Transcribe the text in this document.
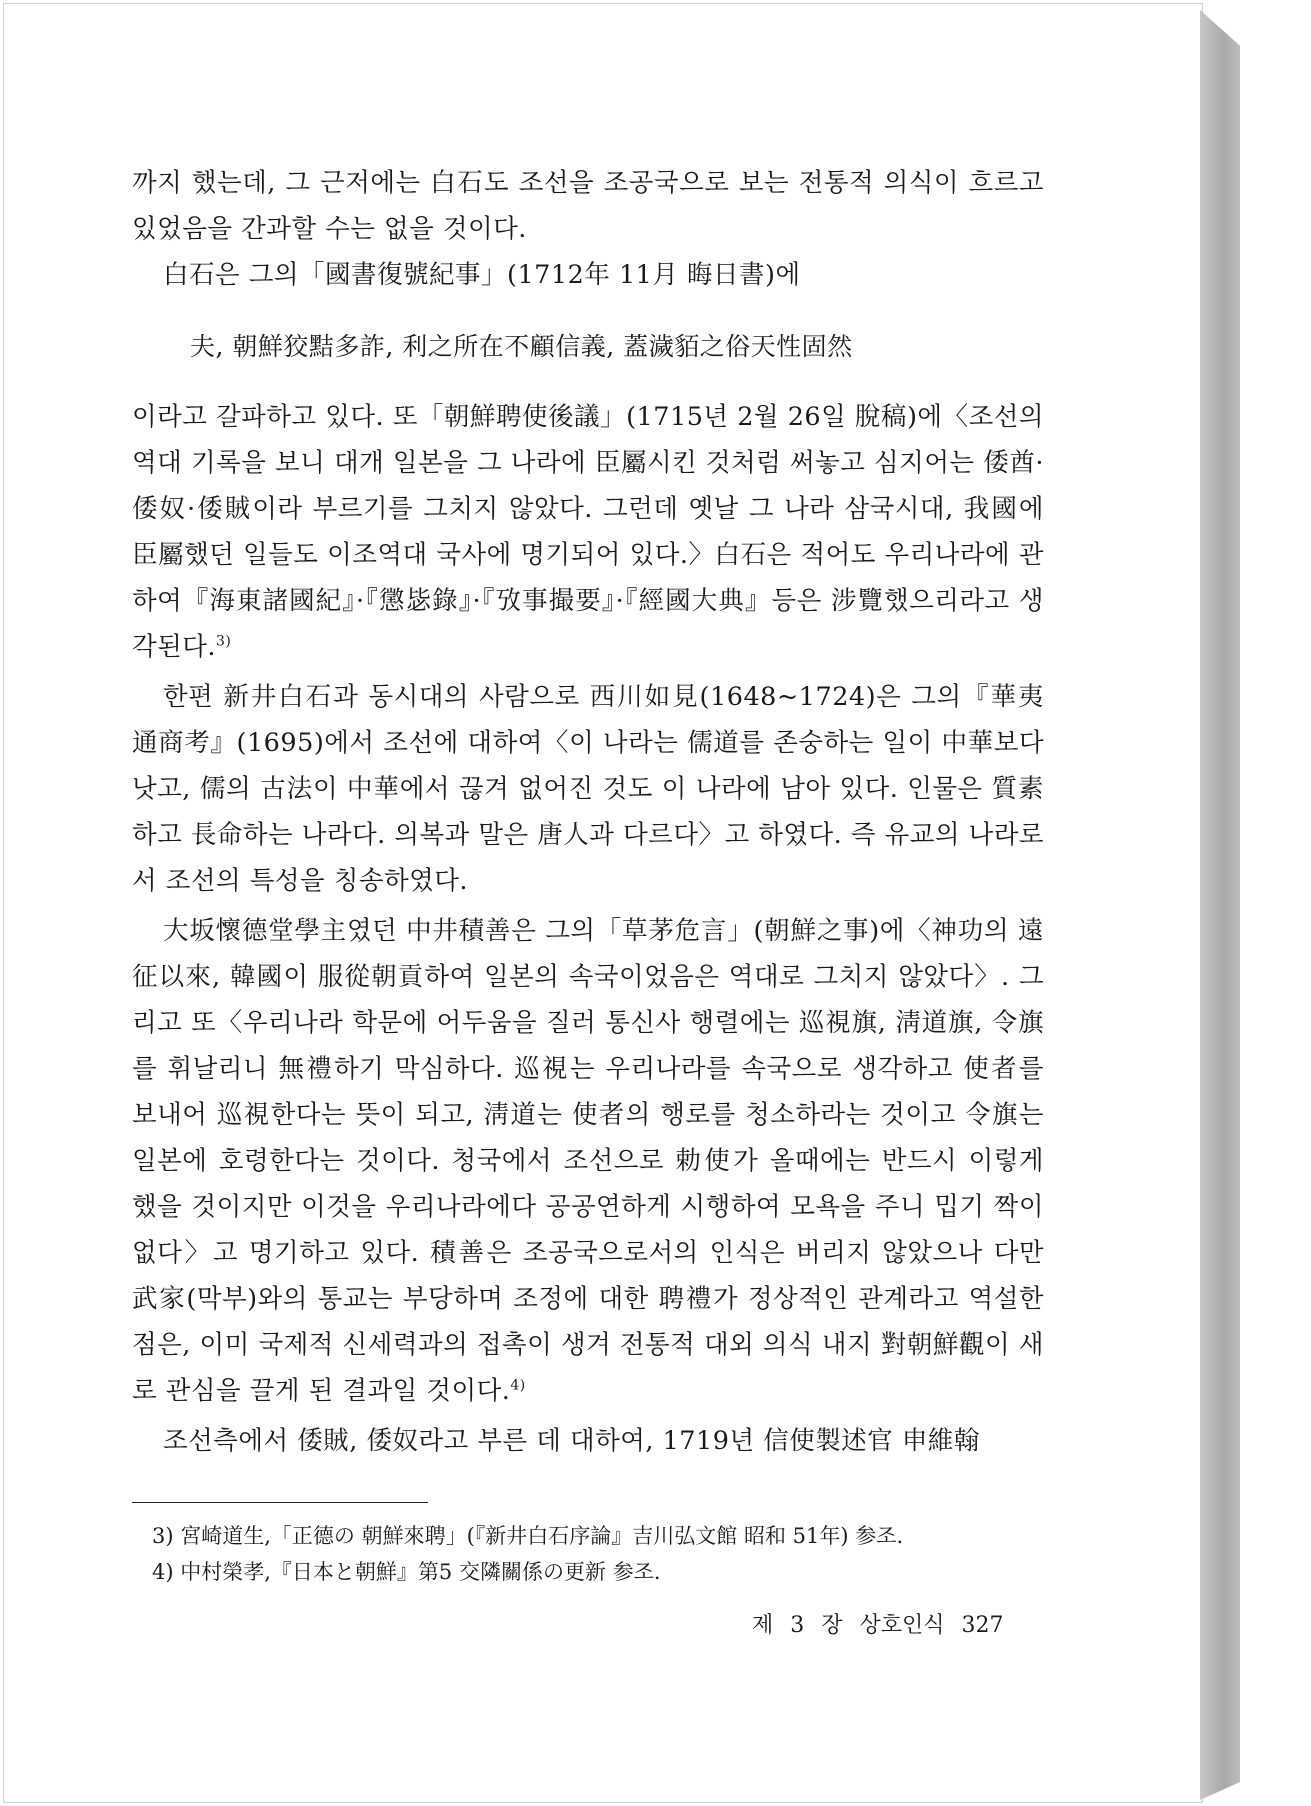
까지 했는데, 그 근저에는 白石도 조선을 조공국으로 보는 전통적 의식이 흐르고 있었음을 간과할 수는 없을 것이다.

白石은 그의「國書復號紀事」(1712年 11月 晦日書)에

夫, 朝鮮狡黠多詐, 利之所在不顧信義, 蓋濊貊之俗天性固然

이라고 갈파하고 있다. 또「朝鮮聘使後議」(1715년 2월 26일 脫稿)에〈조선의 역대 기록을 보니 대개 일본을 그 나라에 臣屬시킨 것처럼 써놓고 심지어는 倭酋·倭奴·倭賊이라 부르기를 그치지 않았다. 그런데 옛날 그 나라 삼국시대, 我國에 臣屬했던 일들도 이조역대 국사에 명기되어 있다.〉白石은 적어도 우리나라에 관하여『海東諸國紀』·『懲毖錄』·『攷事撮要』·『經國大典』등은 涉覽했으리라고 생각된다.$^{3)}$

한편 新井白石과 동시대의 사람으로 西川如見(1648~1724)은 그의『華夷通商考』(1695)에서 조선에 대하여〈이 나라는 儒道를 존숭하는 일이 中華보다 낫고, 儒의 古法이 中華에서 끊겨 없어진 것도 이 나라에 남아 있다. 인물은 質素하고 長命하는 나라다. 의복과 말은 唐人과 다르다〉고 하였다. 즉 유교의 나라로서 조선의 특성을 칭송하였다.

大坂懷德堂學主였던 中井積善은 그의「草茅危言」(朝鮮之事)에〈神功의 遠征以來, 韓國이 服從朝貢하여 일본의 속국이었음은 역대로 그치지 않았다〉. 그리고 또〈우리나라 학문에 어두움을 질러 통신사 행렬에는 巡視旗, 淸道旗, 令旗를 휘날리니 無禮하기 막심하다. 巡視는 우리나라를 속국으로 생각하고 使者를 보내어 巡視한다는 뜻이 되고, 淸道는 使者의 행로를 청소하라는 것이고 令旗는 일본에 호령한다는 것이다. 청국에서 조선으로 勅使가 올때에는 반드시 이렇게 했을 것이지만 이것을 우리나라에다 공공연하게 시행하여 모욕을 주니 밉기 짝이 없다〉고 명기하고 있다. 積善은 조공국으로서의 인식은 버리지 않았으나 다만 武家(막부)와의 통교는 부당하며 조정에 대한 聘禮가 정상적인 관계라고 역설한 점은, 이미 국제적 신세력과의 접촉이 생겨 전통적 대외 의식 내지 對朝鮮觀이 새로 관심을 끌게 된 결과일 것이다.$^{4)}$

조선측에서 倭賊, 倭奴라고 부른 데 대하여, 1719년 信使製述官 申維翰

3) 宮崎道生,「正德の 朝鮮來聘」(『新井白石序論』吉川弘文館 昭和 51年) 参조.
4) 中村榮孝,『日本と朝鮮』第5 交隣關係の更新 参조.
제 3 장 상호인식 327
